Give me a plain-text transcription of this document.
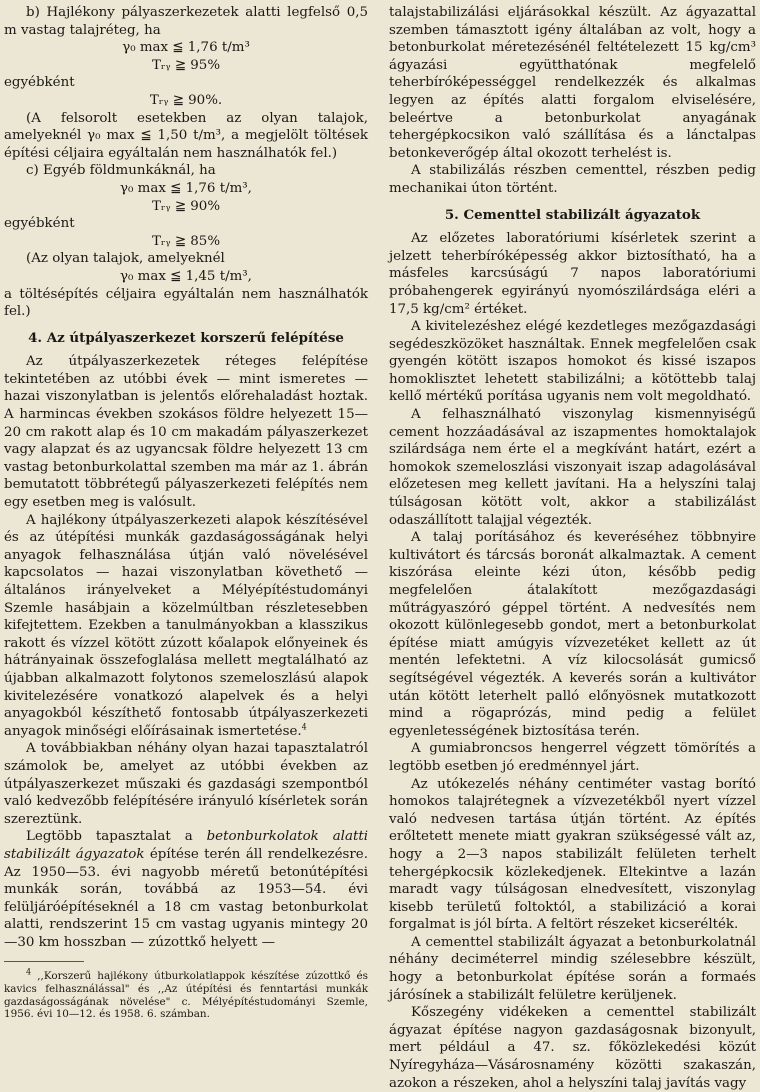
b) Hajlékony pályaszerkezetek alatti legfelső 0,5 m vastag talajréteg, ha

γ₀ max ≦ 1,76 t/m³

Tᵣᵧ ≧ 95%

egyébként

Tᵣᵧ ≧ 90%.

(A felsorolt esetekben az olyan talajok, amelyeknél γ₀ max ≦ 1,50 t/m³, a megjelölt töltések építési céljaira egyáltalán nem használhatók fel.)

c) Egyéb földmunkáknál, ha

γ₀ max ≦ 1,76 t/m³,

Tᵣᵧ ≧ 90%

egyébként

Tᵣᵧ ≧ 85%

(Az olyan talajok, amelyeknél

γ₀ max ≦ 1,45 t/m³,

a töltésépítés céljaira egyáltalán nem használhatók fel.)

4. Az útpályaszerkezet korszerű felépítése

Az útpályaszerkezetek réteges felépítése tekintetében az utóbbi évek — mint ismeretes — hazai viszonylatban is jelentős előrehaladást hoztak. A harmincas években szokásos földre helyezett 15—20 cm rakott alap és 10 cm makadám pályaszerkezet vagy alapzat és az ugyancsak földre helyezett 13 cm vastag betonburkolattal szemben ma már az 1. ábrán bemutatott többrétegű pályaszerkezeti felépítés nem egy esetben meg is valósult.

A hajlékony útpályaszerkezeti alapok készítésével és az útépítési munkák gazdaságosságának helyi anyagok felhasználása útján való növelésével kapcsolatos — hazai viszonylatban követhető — általános irányelveket a Mélyépítéstudományi Szemle hasábjain a közelmúltban részletesebben kifejtettem. Ezekben a tanulmányokban a klasszikus rakott és vízzel kötött zúzott kőalapok előnyeinek és hátrányainak összefoglalása mellett megtalálható az újabban alkalmazott folytonos szemeloszlású alapok kivitelezésére vonatkozó alapelvek és a helyi anyagokból készíthető fontosabb útpályaszerkezeti anyagok minőségi előírásainak ismertetése.$^4$

A továbbiakban néhány olyan hazai tapasztalatról számolok be, amelyet az utóbbi években az útpályaszerkezet műszaki és gazdasági szempontból való kedvezőbb felépítésére irányuló kísérletek során szereztünk.

Legtöbb tapasztalat a betonburkolatok alatti stabilizált ágyazatok építése terén áll rendelkezésre. Az 1950—53. évi nagyobb méretű betonútépítési munkák során, továbbá az 1953—54. évi felüljáróépítéseknél a 18 cm vastag betonburkolat alatti, rendszerint 15 cm vastag ugyanis mintegy 20—30 km hosszban — zúzottkő helyett —

$^4$ ,,Korszerű hajlékony útburkolatlappok készítése zúzottkő és kavics felhasználással" és ,,Az útépítési és fenntartási munkák gazdaságosságának növelése" c. Mélyépítéstudományi Szemle, 1956. évi 10—12. és 1958. 6. számban.

talajstabilizálási eljárásokkal készült. Az ágyazattal szemben támasztott igény általában az volt, hogy a betonburkolat méretezésénél feltételezett 15 kg/cm³ ágyazási együtthatónak megfelelő teherbíróképességgel rendelkezzék és alkalmas legyen az építés alatti forgalom elviselésére, beleértve a betonburkolat anyagának tehergépkocsikon való szállítása és a lánctalpas betonkeverőgép által okozott terhelést is.

A stabilizálás részben cementtel, részben pedig mechanikai úton történt.

5. Cementtel stabilizált ágyazatok

Az előzetes laboratóriumi kísérletek szerint a jelzett teherbíróképesség akkor biztosítható, ha a másfeles karcsúságú 7 napos laboratóriumi próbahengerek egyirányú nyomószilárdsága eléri a 17,5 kg/cm² értéket.

A kivitelezéshez elégé kezdetleges mezőgazdasági segédeszközöket használtak. Ennek megfelelően csak gyengén kötött iszapos homokot és kissé iszapos homoklisztet lehetett stabilizálni; a kötöttebb talaj kellő mértékű porítása ugyanis nem volt megoldható.

A felhasználható viszonylag kismennyiségű cement hozzáadásával az iszapmentes homoktalajok szilárdsága nem érte el a megkívánt határt, ezért a homokok szemeloszlási viszonyait iszap adagolásával előzetesen meg kellett javítani. Ha a helyszíni talaj túlságosan kötött volt, akkor a stabilizálást odaszállított talajjal végezték.

A talaj porításához és keveréséhez többnyire kultivátort és tárcsás boronát alkalmaztak. A cement kiszórása eleinte kézi úton, később pedig megfelelően átalakított mezőgazdasági műtrágyaszóró géppel történt. A nedvesítés nem okozott különlegesebb gondot, mert a betonburkolat építése miatt amúgyis vízvezetéket kellett az út mentén lefektetni. A víz kilocsolását gumicső segítségével végezték. A keverés során a kultivátor után kötött leterhelt palló előnyösnek mutatkozott mind a rögaprózás, mind pedig a felület egyenletességének biztosítása terén.

A gumiabroncsos hengerrel végzett tömörítés a legtöbb esetben jó eredménnyel járt.

Az utókezelés néhány centiméter vastag borító homokos talajrétegnek a vízvezetékből nyert vízzel való nedvesen tartása útján történt. Az építés erőltetett menete miatt gyakran szükségessé vált az, hogy a 2—3 napos stabilizált felületen terhelt tehergépkocsik közlekedjenek. Eltekintve a lazán maradt vagy túlságosan elnedvesített, viszonylag kisebb területű foltoktól, a stabilizáció a korai forgalmat is jól bírta. A feltört részeket kicserélték.

A cementtel stabilizált ágyazat a betonburkolatnál néhány deciméterrel mindig szélesebbre készült, hogy a betonburkolat építése során a formaés járósínek a stabilizált felületre kerüljenek.

Kőszegény vidékeken a cementtel stabilizált ágyazat építése nagyon gazdaságosnak bizonyult, mert például a 47. sz. főközlekedési közút Nyíregyháza—Vásárosnamény közötti szakaszán, azokon a részeken, ahol a helyszíni talaj javítás vagy
